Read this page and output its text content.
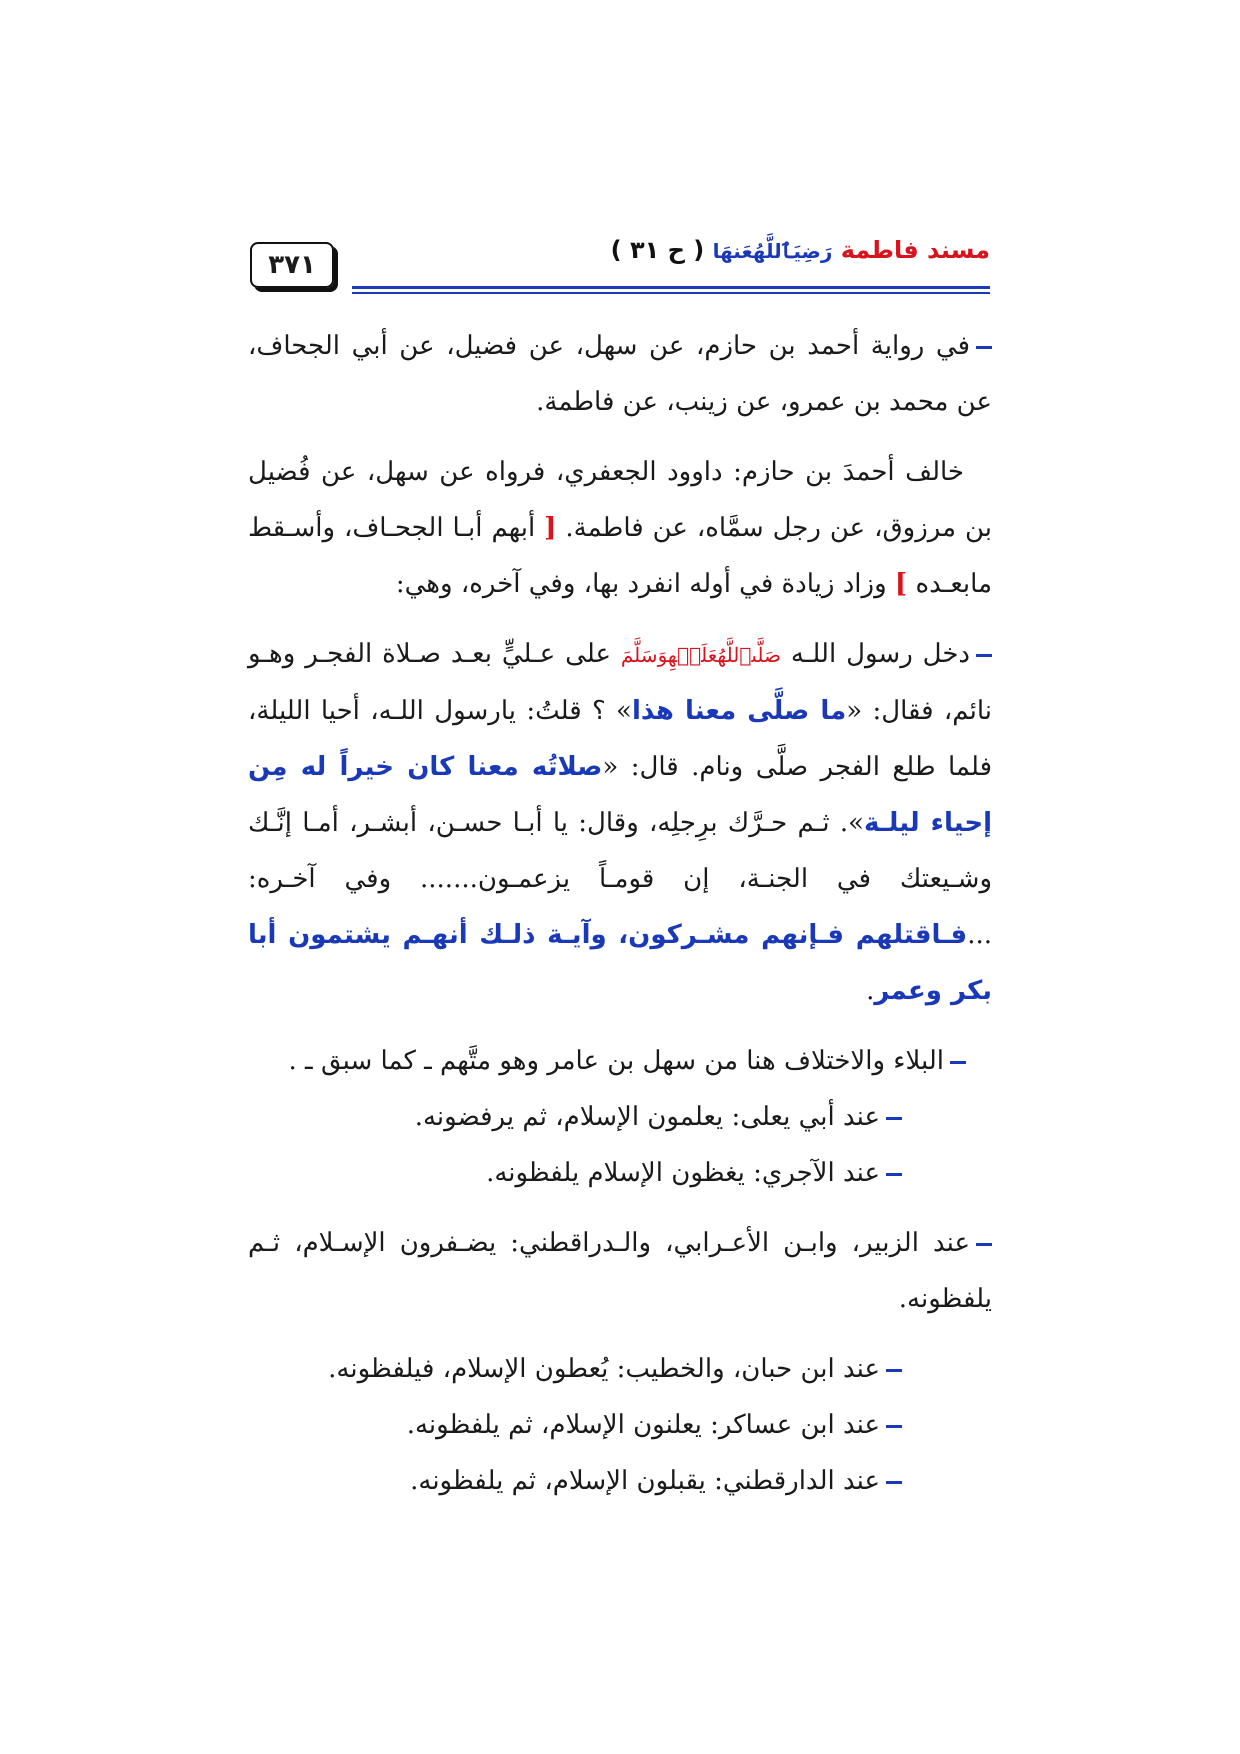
٣٧١	مسند فاطمة رَضِيَٱللَّهُعَنهَا ( ح ٣١ )

في رواية أحمد بن حازم، عن سهل، عن فضيل، عن أبي الجحاف، عن محمد بن عمرو، عن زينب، عن فاطمة.

خالف أحمدَ بن حازم: داوود الجعفري، فرواه عن سهل، عن فُضيل بن مرزوق، عن رجل سمَّاه، عن فاطمة. [ أبهم أبـا الجحـاف، وأسـقط مابعـده ] وزاد زيادة في أوله انفرد بها، وفي آخره، وهي:

دخل رسول اللـه صَلَّىٱللَّهُعَلَيۡهِوَسَلَّمَ على عـليٍّ بعـد صـلاة الفجـر وهـو نائم، فقال: «ما صلَّى معنا هذا» ؟ قلتُ: يارسول اللـه، أحيا الليلة، فلما طلع الفجر صلَّى ونام. قال: «صلاتُه معنا كان خيراً له مِن إحياء ليلـة». ثـم حـرَّك برِجلِه، وقال: يا أبـا حسـن، أبشـر، أمـا إنَّـك وشـيعتك في الجنـة، إن قومـاً يزعمـون....... وفي آخـره: ...فـاقتلهم فـإنهم مشـركون، وآيـة ذلـك أنهـم يشتمون أبا بكر وعمر.

البلاء والاختلاف هنا من سهل بن عامر وهو متَّهم ـ كما سبق ـ .

عند أبي يعلى: يعلمون الإسلام، ثم يرفضونه.

عند الآجري: يغظون الإسلام يلفظونه.

عند الزبير، وابـن الأعـرابي، والـدراقطني: يضـفرون الإسـلام، ثـم يلفظونه.

عند ابن حبان، والخطيب: يُعطون الإسلام، فيلفظونه.

عند ابن عساكر: يعلنون الإسلام، ثم يلفظونه.

عند الدارقطني: يقبلون الإسلام، ثم يلفظونه.
